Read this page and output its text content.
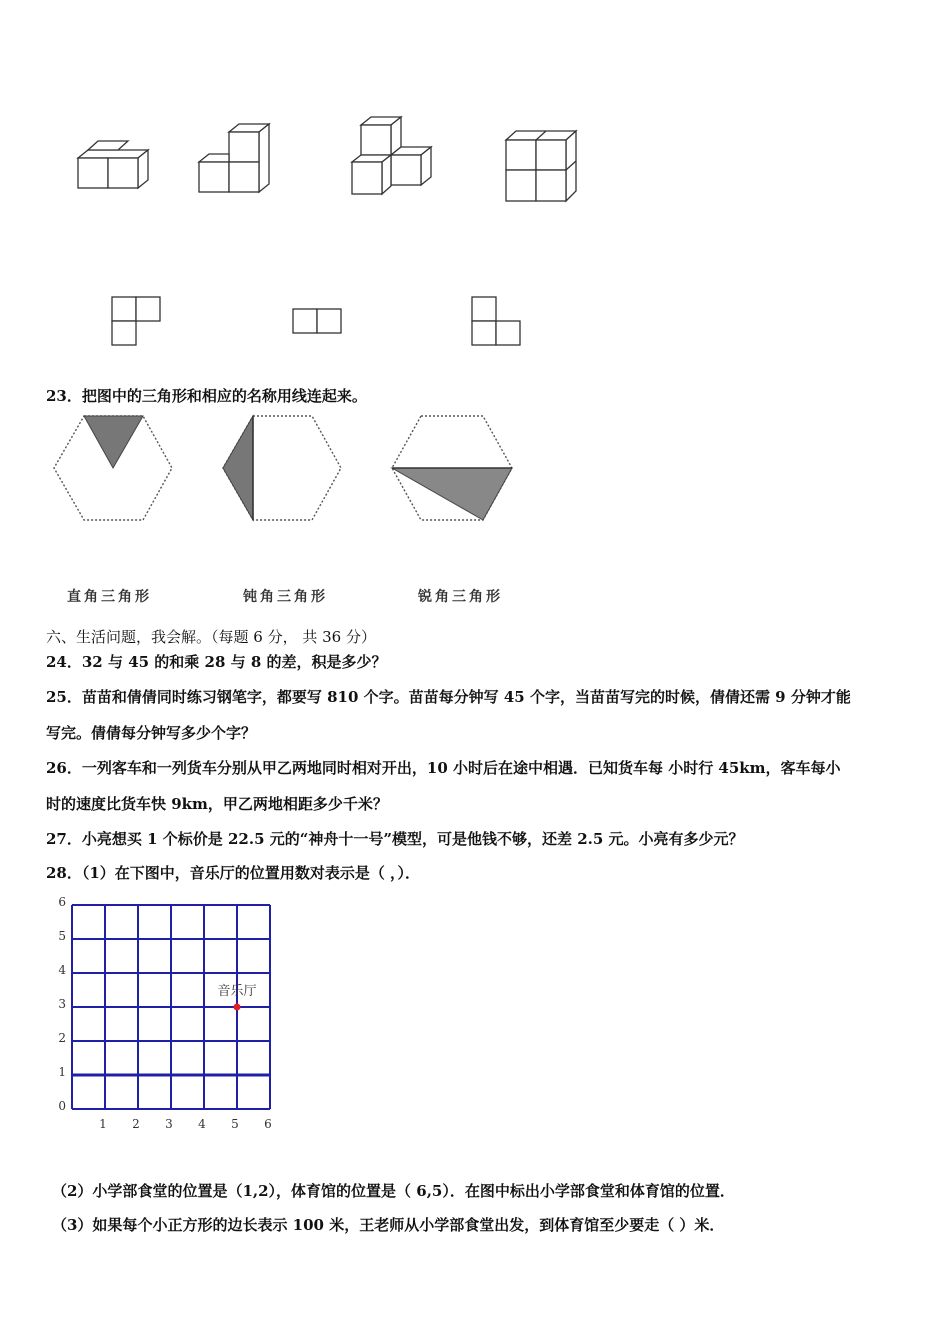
23．把图中的三角形和相应的名称用线连起来。
直角三角形	钝角三角形	锐角三角形
六、生活问题，我会解。（每题 6 分， 共 36 分）
24．32 与 45 的和乘 28 与 8 的差，积是多少？
25．苗苗和倩倩同时练习钢笔字，都要写 810 个字。苗苗每分钟写 45 个字，当苗苗写完的时候，倩倩还需 9 分钟才能
写完。倩倩每分钟写多少个字？
26．一列客车和一列货车分别从甲乙两地同时相对开出，10 小时后在途中相遇．已知货车每 小时行 45km，客车每小
时的速度比货车快 9km，甲乙两地相距多少千米？
27．小亮想买 1 个标价是 22.5 元的“神舟十一号”模型，可是他钱不够，还差 2.5 元。小亮有多少元？
28．（1）在下图中，音乐厅的位置用数对表示是（ ，）．
1 2 3 4 5 6
0
1
2
3
4
5
6
音乐厅
（2）小学部食堂的位置是（1,2），体育馆的位置是（ 6,5）．在图中标出小学部食堂和体育馆的位置．
（3）如果每个小正方形的边长表示 100 米，王老师从小学部食堂出发，到体育馆至少要走（ ）米．
